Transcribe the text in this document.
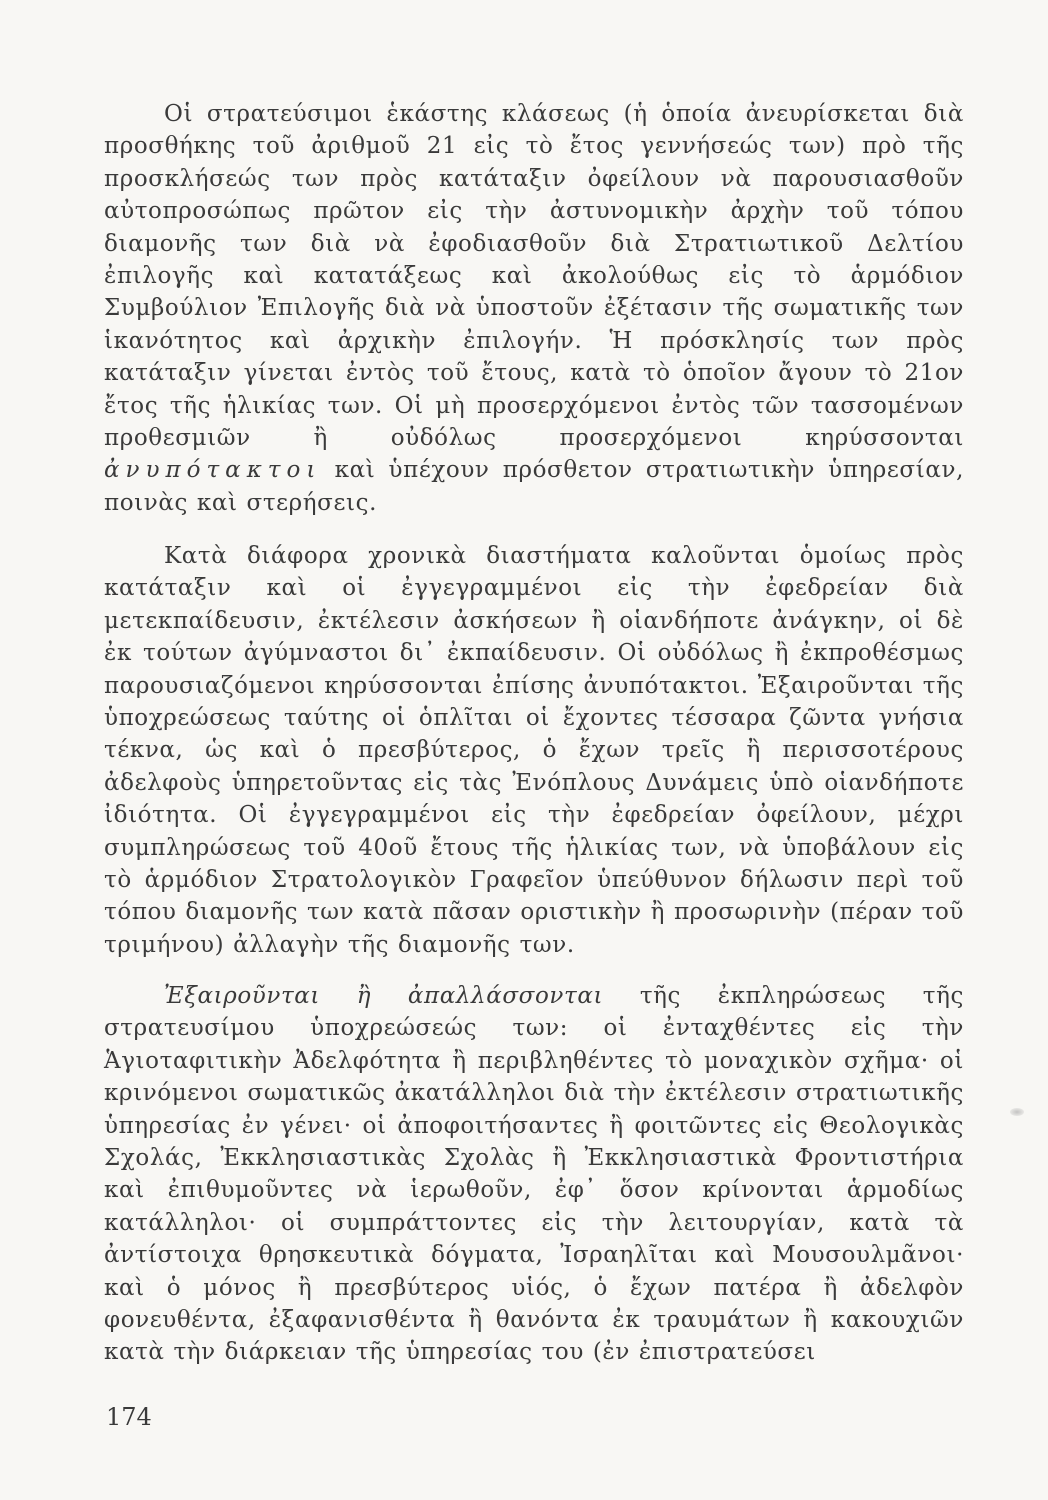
Οἱ στρατεύσιμοι ἑκάστης κλάσεως (ἡ ὁποία ἀνευρίσκεται διὰ προσθήκης τοῦ ἀριθμοῦ 21 εἰς τὸ ἔτος γεννήσεώς των) πρὸ τῆς προσκλήσεώς των πρὸς κατάταξιν ὀφείλουν νὰ παρουσιασθοῦν αὐτοπροσώπως πρῶτον εἰς τὴν ἀστυνομικὴν ἀρχὴν τοῦ τόπου διαμονῆς των διὰ νὰ ἐφοδιασθοῦν διὰ Στρατιωτικοῦ Δελτίου ἐπιλογῆς καὶ κατατάξεως καὶ ἀκολούθως εἰς τὸ ἁρμόδιον Συμβούλιον Ἐπιλογῆς διὰ νὰ ὑποστοῦν ἐξέτασιν τῆς σωματικῆς των ἱκανότητος καὶ ἀρχικὴν ἐπιλογήν. Ἡ πρόσκλησίς των πρὸς κατάταξιν γίνεται ἐντὸς τοῦ ἔτους, κατὰ τὸ ὁποῖον ἄγουν τὸ 21ον ἔτος τῆς ἡλικίας των. Οἱ μὴ προσερχόμενοι ἐντὸς τῶν τασσομένων προθεσμιῶν ἢ οὐδόλως προσερχόμενοι κηρύσσονται ἀνυπότακτοι καὶ ὑπέχουν πρόσθετον στρατιωτικὴν ὑπηρεσίαν, ποινὰς καὶ στερήσεις.

Κατὰ διάφορα χρονικὰ διαστήματα καλοῦνται ὁμοίως πρὸς κατάταξιν καὶ οἱ ἐγγεγραμμένοι εἰς τὴν ἐφεδρείαν διὰ μετεκπαίδευσιν, ἐκτέλεσιν ἀσκήσεων ἢ οἱανδήποτε ἀνάγκην, οἱ δὲ ἐκ τούτων ἀγύμναστοι δι᾽ ἐκπαίδευσιν. Οἱ οὐδόλως ἢ ἐκπροθέσμως παρουσιαζόμενοι κηρύσσονται ἐπίσης ἀνυπότακτοι. Ἐξαιροῦνται τῆς ὑποχρεώσεως ταύτης οἱ ὁπλῖται οἱ ἔχοντες τέσσαρα ζῶντα γνήσια τέκνα, ὡς καὶ ὁ πρεσβύτερος, ὁ ἔχων τρεῖς ἢ περισσοτέρους ἀδελφοὺς ὑπηρετοῦντας εἰς τὰς Ἐνόπλους Δυνάμεις ὑπὸ οἱανδήποτε ἰδιότητα. Οἱ ἐγγεγραμμένοι εἰς τὴν ἐφεδρείαν ὀφείλουν, μέχρι συμπληρώσεως τοῦ 40οῦ ἔτους τῆς ἡλικίας των, νὰ ὑποβάλουν εἰς τὸ ἁρμόδιον Στρατολογικὸν Γραφεῖον ὑπεύθυνον δήλωσιν περὶ τοῦ τόπου διαμονῆς των κατὰ πᾶσαν οριστικὴν ἢ προσωρινὴν (πέραν τοῦ τριμήνου) ἀλλαγὴν τῆς διαμονῆς των.

Ἐξαιροῦνται ἢ ἀπαλλάσσονται τῆς ἐκπληρώσεως τῆς στρατευσίμου ὑποχρεώσεώς των: οἱ ἐνταχθέντες εἰς τὴν Ἁγιοταφιτικὴν Ἀδελφότητα ἢ περιβληθέντες τὸ μοναχικὸν σχῆμα· οἱ κρινόμενοι σωματικῶς ἀκατάλληλοι διὰ τὴν ἐκτέλεσιν στρατιωτικῆς ὑπηρεσίας ἐν γένει· οἱ ἀποφοιτήσαντες ἢ φοιτῶντες εἰς Θεολογικὰς Σχολάς, Ἐκκλησιαστικὰς Σχολὰς ἢ Ἐκκλησιαστικὰ Φροντιστήρια καὶ ἐπιθυμοῦντες νὰ ἱερωθοῦν, ἐφ᾽ ὅσον κρίνονται ἁρμοδίως κατάλληλοι· οἱ συμπράττοντες εἰς τὴν λειτουργίαν, κατὰ τὰ ἀντίστοιχα θρησκευτικὰ δόγματα, Ἰσραηλῖται καὶ Μουσουλμᾶνοι· καὶ ὁ μόνος ἢ πρεσβύτερος υἱός, ὁ ἔχων πατέρα ἢ ἀδελφὸν φονευθέντα, ἐξαφανισθέντα ἢ θανόντα ἐκ τραυμάτων ἢ κακουχιῶν κατὰ τὴν διάρκειαν τῆς ὑπηρεσίας του (ἐν ἐπιστρατεύσει

174
